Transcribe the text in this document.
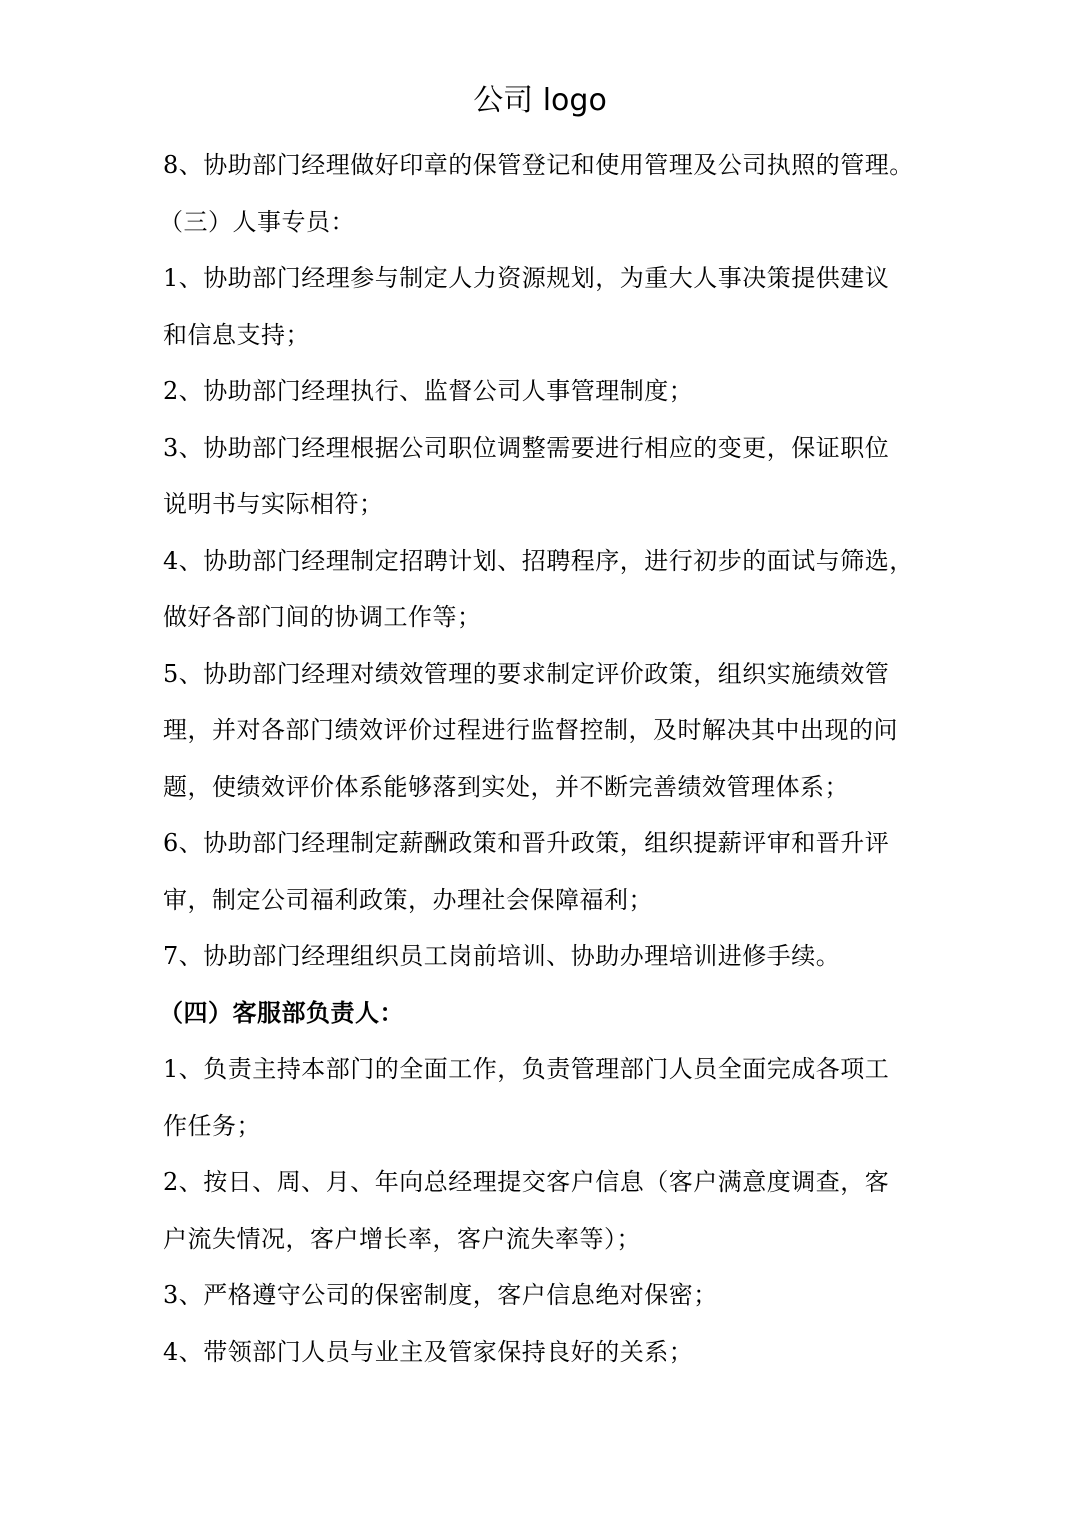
公司 logo
8、协助部门经理做好印章的保管登记和使用管理及公司执照的管理。
（三）人事专员：
1、协助部门经理参与制定人力资源规划，为重大人事决策提供建议
和信息支持；
2、协助部门经理执行、监督公司人事管理制度；
3、协助部门经理根据公司职位调整需要进行相应的变更，保证职位
说明书与实际相符；
4、协助部门经理制定招聘计划、招聘程序，进行初步的面试与筛选，
做好各部门间的协调工作等；
5、协助部门经理对绩效管理的要求制定评价政策，组织实施绩效管
理，并对各部门绩效评价过程进行监督控制，及时解决其中出现的问
题，使绩效评价体系能够落到实处，并不断完善绩效管理体系；
6、协助部门经理制定薪酬政策和晋升政策，组织提薪评审和晋升评
审，制定公司福利政策，办理社会保障福利；
7、协助部门经理组织员工岗前培训、协助办理培训进修手续。
（四）客服部负责人：
1、负责主持本部门的全面工作，负责管理部门人员全面完成各项工
作任务；
2、按日、周、月、年向总经理提交客户信息（客户满意度调查，客
户流失情况，客户增长率，客户流失率等）；
3、严格遵守公司的保密制度，客户信息绝对保密；
4、带领部门人员与业主及管家保持良好的关系；
